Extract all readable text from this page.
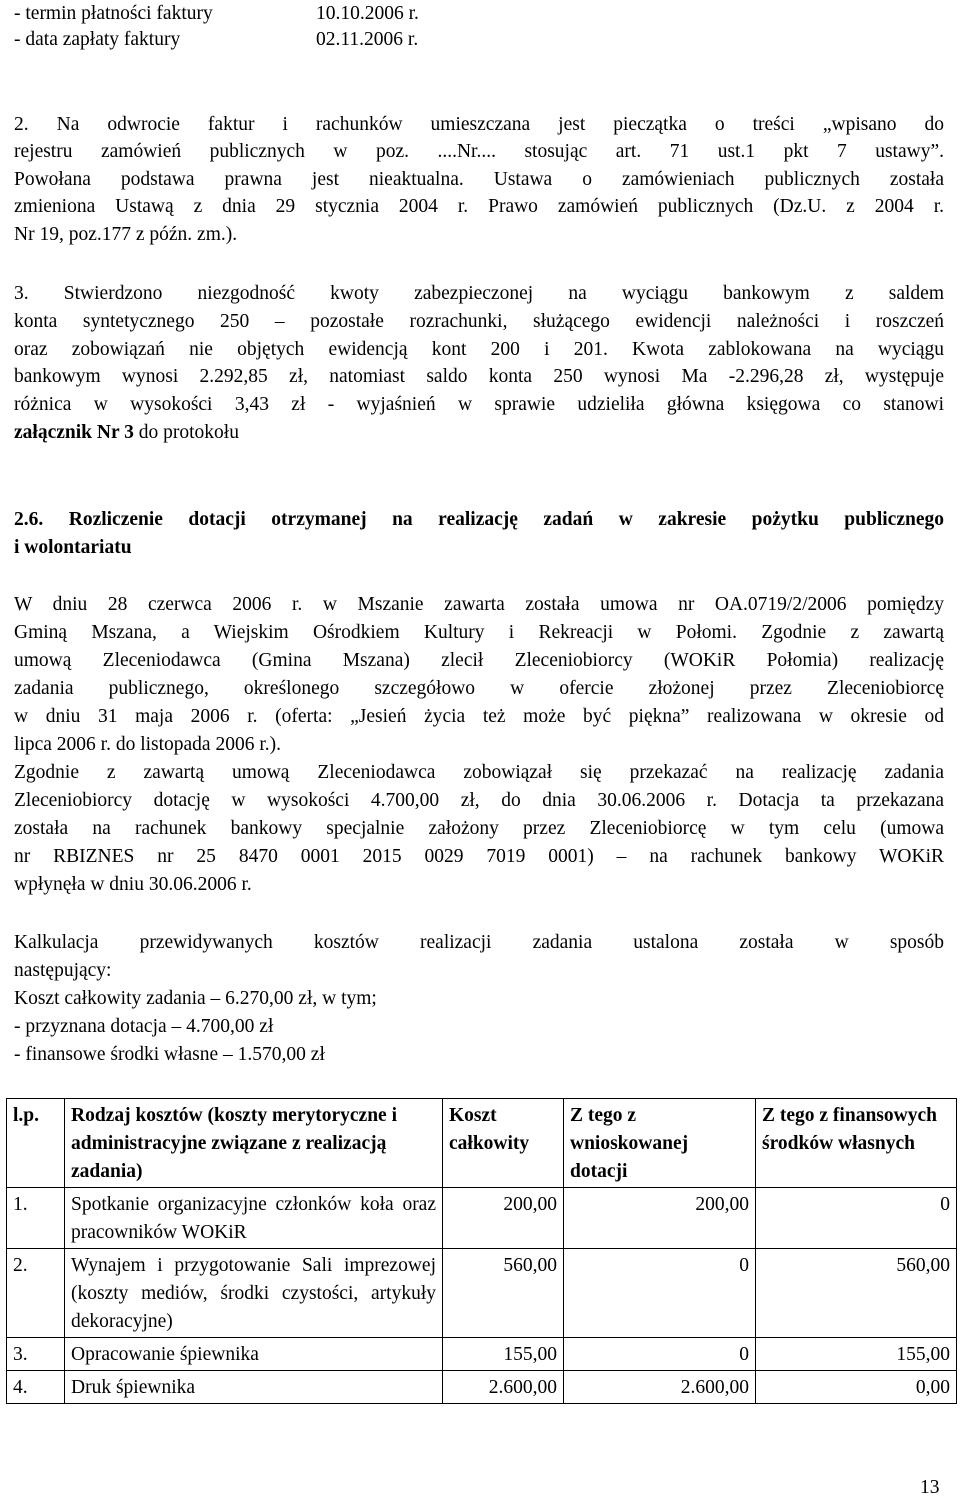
- termin płatności faktury	10.10.2006 r.
- data zapłaty faktury	02.11.2006 r.
2. Na odwrocie faktur i rachunków umieszczana jest pieczątka o treści „wpisano do
rejestru zamówień publicznych w poz. ....Nr.... stosując art. 71 ust.1 pkt 7 ustawy”.
Powołana podstawa prawna jest nieaktualna. Ustawa o zamówieniach publicznych została
zmieniona Ustawą z dnia 29 stycznia 2004 r. Prawo zamówień publicznych (Dz.U. z 2004 r.
Nr 19, poz.177 z późn. zm.).
3. Stwierdzono niezgodność kwoty zabezpieczonej na wyciągu bankowym z saldem
konta syntetycznego 250 – pozostałe rozrachunki, służącego ewidencji należności i roszczeń
oraz zobowiązań nie objętych ewidencją kont 200 i 201. Kwota zablokowana na wyciągu
bankowym wynosi 2.292,85 zł, natomiast saldo konta 250 wynosi Ma -2.296,28 zł, występuje
różnica w wysokości 3,43 zł - wyjaśnień w sprawie udzieliła główna księgowa co stanowi
załącznik Nr 3 do protokołu
2.6. Rozliczenie dotacji otrzymanej na realizację zadań w zakresie pożytku publicznego
i wolontariatu
W dniu 28 czerwca 2006 r. w Mszanie zawarta została umowa nr OA.0719/2/2006 pomiędzy
Gminą Mszana, a Wiejskim Ośrodkiem Kultury i Rekreacji w Połomi. Zgodnie z zawartą
umową Zleceniodawca (Gmina Mszana) zlecił Zleceniobiorcy (WOKiR Połomia) realizację
zadania publicznego, określonego szczegółowo w ofercie złożonej przez Zleceniobiorcę
w dniu 31 maja 2006 r. (oferta: „Jesień życia też może być piękna” realizowana w okresie od
lipca 2006 r. do listopada 2006 r.).
Zgodnie z zawartą umową Zleceniodawca zobowiązał się przekazać na realizację zadania
Zleceniobiorcy dotację w wysokości 4.700,00 zł, do dnia 30.06.2006 r. Dotacja ta przekazana
została na rachunek bankowy specjalnie założony przez Zleceniobiorcę w tym celu (umowa
nr RBIZNES nr 25 8470 0001 2015 0029 7019 0001) – na rachunek bankowy WOKiR
wpłynęła w dniu 30.06.2006 r.
Kalkulacja przewidywanych kosztów realizacji zadania ustalona została w sposób
następujący:
Koszt całkowity zadania – 6.270,00 zł, w tym;
- przyznana dotacja – 4.700,00 zł
- finansowe środki własne – 1.570,00 zł
l.p.	Rodzaj kosztów (koszty merytoryczne i administracyjne związane z realizacją zadania)	Koszt całkowity	Z tego z wnioskowanej dotacji	Z tego z finansowych środków własnych
1.	Spotkanie organizacyjne członków koła oraz pracowników WOKiR	200,00	200,00	0
2.	Wynajem i przygotowanie Sali imprezowej (koszty mediów, środki czystości, artykuły dekoracyjne)	560,00	0	560,00
3.	Opracowanie śpiewnika	155,00	0	155,00
4.	Druk śpiewnika	2.600,00	2.600,00	0,00
13
